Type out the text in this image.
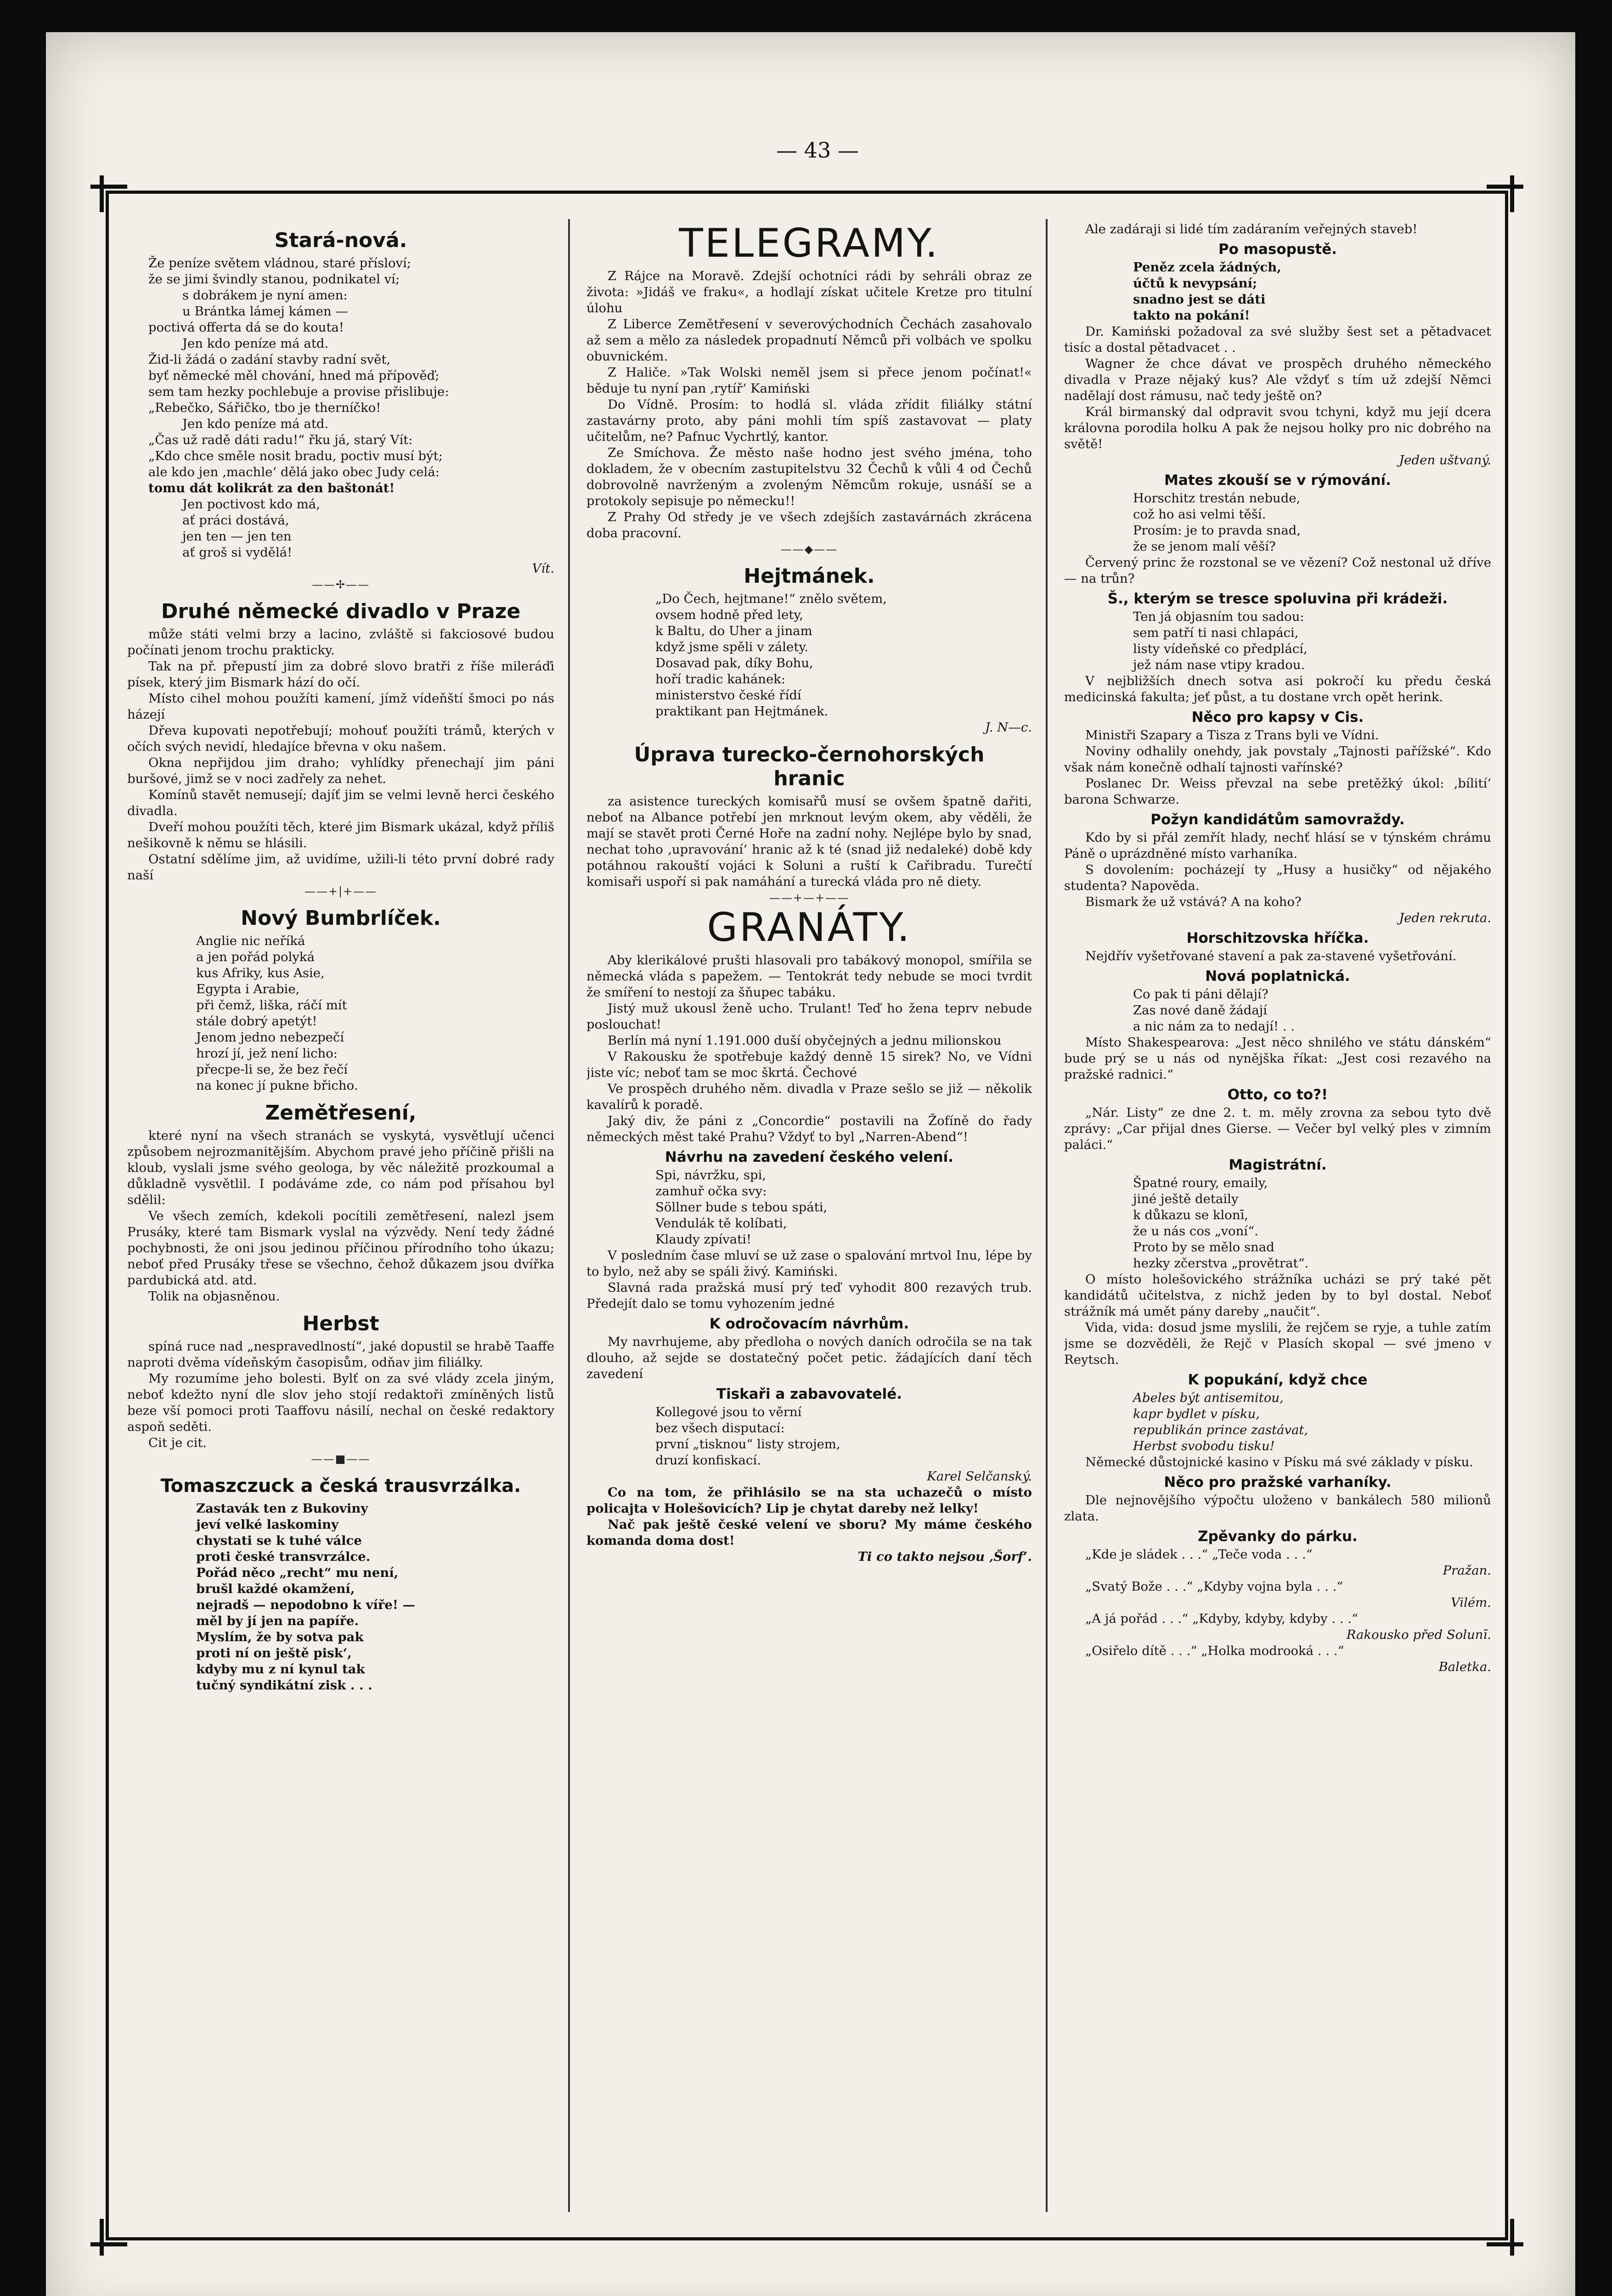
— 43 —
Stará-nová.

Že peníze světem vládnou, staré přísloví;

že se jimi švindly stanou, podnikatel ví;

s dobrákem je nyní amen:

u Brántka lámej kámen —

poctivá offerta dá se do kouta!

Jen kdo peníze má atd.

Žid-li žádá o zadání stavby radní svět,

byť německé měl chování, hned má přípověď;

sem tam hezky pochlebuje a provise přislibuje:

„Rebečko, Sářičko, tbo je therníčko!

Jen kdo peníze má atd.

„Čas už radě dáti radu!“ řku já, starý Vít:

„Kdo chce směle nosit bradu, poctiv musí být;

ale kdo jen ‚machle‘ dělá jako obec Judy celá:

tomu dát kolikrát za den baštonát!

Jen poctivost kdo má,

ať práci dostává,

jen ten — jen ten

ať groš si vydělá!

Vít.

——✢——
Druhé německé divadlo v Praze

může státi velmi brzy a lacino, zvláště si fakciosové budou počínati jenom trochu prakticky.

Tak na př. přepustí jim za dobré slovo bratři z říše mileráďi písek, který jim Bismark hází do očí.

Místo cihel mohou použíti kamení, jímž vídeňští šmoci po nás házejí

Dřeva kupovati nepotřebují; mohouť použíti trámů, kterých v očích svých nevidí, hledajíce břevna v oku našem.

Okna nepřijdou jim draho; vyhlídky přenechají jim páni buršové, jimž se v noci zadřely za nehet.

Komínů stavět nemusejí; dajíť jim se velmi levně herci českého divadla.

Dveří mohou použíti těch, které jim Bismark ukázal, když příliš nešikovně k němu se hlásili.

Ostatní sdělíme jim, až uvidíme, užili-li této první dobré rady naší

——+|+——
Nový Bumbrlíček.

Anglie nic neříká

a jen pořád polyká

kus Afriky, kus Asie,

Egypta i Arabie,

při čemž, liška, ráčí mít

stále dobrý apetýt!

Jenom jedno nebezpečí

hrozí jí, jež není licho:

přecpe-li se, že bez řečí

na konec jí pukne břicho.

Zemětřesení,

které nyní na všech stranách se vyskytá, vysvětlují učenci způsobem nejrozmanitějším. Abychom pravé jeho příčině přišli na kloub, vyslali jsme svého geologa, by věc náležitě prozkoumal a důkladně vysvětlil. I podáváme zde, co nám pod přísahou byl sdělil:

Ve všech zemích, kdekoli pocítili zemětřesení, nalezl jsem Prusáky, které tam Bismark vyslal na výzvědy. Není tedy žádné pochybnosti, že oni jsou jedinou příčinou přírodního toho úkazu; neboť před Prusáky třese se všechno, čehož důkazem jsou dvířka pardubická atd. atd.

Tolik na objasněnou.

Herbst

spíná ruce nad „nespravedlností“, jaké dopustil se hrabě Taaffe naproti dvěma vídeňským časopisům, odňav jim filiálky.

My rozumíme jeho bolesti. Bylť on za své vlády zcela jiným, neboť kdežto nyní dle slov jeho stojí redaktoři zmíněných listů beze vší pomoci proti Taaffovu násilí, nechal on české redaktory aspoň seděti.

Cit je cit.

——■——
Tomaszczuck a česká trausvrzálka.

Zastavák ten z Bukoviny

jeví velké laskominy

chystati se k tuhé válce

proti české transvrzálce.

Pořád něco „recht“ mu není,

brušl každé okamžení,

nejradš — nepodobno k víře! —

měl by jí jen na papíře.

Myslím, že by sotva pak

proti ní on ještě pisk‘,

kdyby mu z ní kynul tak

tučný syndikátní zisk . . .

TELEGRAMY.

Z Rájce na Moravě. Zdejší ochotníci rádi by sehráli obraz ze života: »Jidáš ve fraku«, a hodlají získat učitele Kretze pro titulní úlohu

Z Liberce Zemětřesení v severovýchodních Čechách zasahovalo až sem a mělo za následek propadnutí Němců při volbách ve spolku obuvnickém.

Z Haliče. »Tak Wolski neměl jsem si přece jenom počínat!« běduje tu nyní pan ‚rytíř‘ Kamiński

Do Vídně. Prosím: to hodlá sl. vláda zřídit filiálky státní zastavárny proto, aby páni mohli tím spíš zastavovat — platy učitelům, ne? Pafnuc Vychrtlý, kantor.

Ze Smíchova. Že město naše hodno jest svého jména, toho dokladem, že v obecním zastupitelstvu 32 Čechů k vůli 4 od Čechů dobrovolně navrženým a zvoleným Němcům rokuje, usnáší se a protokoly sepisuje po německu!!

Z Prahy Od středy je ve všech zdejších zastavárnách zkrácena doba pracovní.

——◆——
Hejtmánek.

„Do Čech, hejtmane!“ znělo světem,

ovsem hodně před lety,

k Baltu, do Uher a jinam

když jsme spěli v zálety.

Dosavad pak, díky Bohu,

hoří tradic kahánek:

ministerstvo české řídí

praktikant pan Hejtmánek.

J. N—c.

Úprava turecko-černohorských
hranic

za asistence tureckých komisařů musí se ovšem špatně dařiti, neboť na Albance potřebí jen mrknout levým okem, aby věděli, že mají se stavět proti Černé Hoře na zadní nohy. Nejlépe bylo by snad, nechat toho ‚upravování‘ hranic až k té (snad již nedaleké) době kdy potáhnou rakouští vojáci k Soluni a ruští k Cařibradu. Turečtí komisaři uspoří si pak namáhání a turecká vláda pro ně diety.

——+—+——
GRANÁTY.

Aby klerikálové prušti hlasovali pro tabákový monopol, smířila se německá vláda s papežem. — Tentokrát tedy nebude se moci tvrdit že smíření to nestojí za šňupec tabáku.

Jistý muž ukousl ženě ucho. Trulant! Teď ho žena teprv nebude poslouchat!

Berlín má nyní 1.191.000 duší obyčejných a jednu milionskou

V Rakousku že spotřebuje každý denně 15 sirek? No, ve Vídni jiste víc; neboť tam se moc škrtá. Čechové

Ve prospěch druhého něm. divadla v Praze sešlo se již — několik kavalírů k poradě.

Jaký div, že páni z „Concordie“ postavili na Žofíně do řady německých měst také Prahu? Vždyť to byl „Narren-Abend“!

Návrhu na zavedení českého velení.

Spi, návržku, spi,

zamhuř očka svy:

Söllner bude s tebou spáti,

Vendulák tě kolíbati,

Klaudy zpívati!

V posledním čase mluví se už zase o spalování mrtvol Inu, lépe by to bylo, než aby se spáli živý. Kamiński.

Slavná rada pražská musí prý teď vyhodit 800 rezavých trub. Předejít dalo se tomu vyhozením jedné

K odročovacím návrhům.

My navrhujeme, aby předloha o nových daních odročila se na tak dlouho, až sejde se dostatečný počet petic. žádajících daní těch zavedení

Tiskaři a zabavovatelé.

Kollegové jsou to věrní

bez všech disputací:

první „tisknou“ listy strojem,

druzí konfiskací.

Karel Selčanský.

Co na tom, že přihlásilo se na sta uchazečů o místo policajta v Holešovicích? Lip je chytat dareby než lelky!

Nač pak ještě české velení ve sboru? My máme českého komanda doma dost!

Ti co takto nejsou ‚Šorf‘.

Ale zadáraji si lidé tím zadáraním veřejných staveb!

Po masopustě.

Peněz zcela žádných,

účtů k nevypsání;

snadno jest se dáti

takto na pokání!

Dr. Kamiński požadoval za své služby šest set a pětadvacet tisíc a dostal pětadvacet . .

Wagner že chce dávat ve prospěch druhého německého divadla v Praze nějaký kus? Ale vždyť s tím už zdejší Němci nadělají dost rámusu, nač tedy ještě on?

Král birmanský dal odpravit svou tchyni, když mu její dcera královna porodila holku A pak že nejsou holky pro nic dobrého na světě!

Jeden uštvaný.

Mates zkouší se v rýmování.

Horschitz trestán nebude,

což ho asi velmi těší.

Prosím: je to pravda snad,

že se jenom malí věší?

Červený princ že rozstonal se ve vězení? Což nestonal už dříve — na trůn?

Š., kterým se tresce spoluvina při krádeži.

Ten já objasním tou sadou:

sem patří ti nasi chlapáci,

listy vídeňské co předplácí,

jež nám nase vtipy kradou.

V nejbližších dnech sotva asi pokročí ku předu česká medicinská fakulta; jeť půst, a tu dostane vrch opět herink.

Něco pro kapsy v Cis.

Ministři Szapary a Tisza z Trans byli ve Vídni.

Noviny odhalily onehdy, jak povstaly „Tajnosti pařížské“. Kdo však nám konečně odhalí tajnosti vařínské?

Poslanec Dr. Weiss převzal na sebe pretěžký úkol: ‚bílití‘ barona Schwarze.

Požyn kandidátům samovraždy.

Kdo by si přál zemřít hlady, nechť hlásí se v týnském chrámu Páně o uprázdněné místo varhaníka.

S dovolením: pocházejí ty „Husy a husičky“ od nějakého studenta? Napověda.

Bismark že už vstává? A na koho?

Jeden rekruta.

Horschitzovska hříčka.

Nejdřív vyšetřované stavení a pak za-stavené vyšetřování.

Nová poplatnická.

Co pak ti páni dělají?

Zas nové daně žádají

a nic nám za to nedají! . .

Místo Shakespearova: „Jest něco shnilého ve státu dánském“ bude prý se u nás od nynějška říkat: „Jest cosi rezavého na pražské radnici.“

Otto, co to?!

„Nár. Listy“ ze dne 2. t. m. měly zrovna za sebou tyto dvě zprávy: „Car přijal dnes Gierse. — Večer byl velký ples v zimním paláci.“

Magistrátní.

Špatné roury, emaily,

jiné ještě detaily

k důkazu se klonī,

že u nás cos „voní“.

Proto by se mělo snad

hezky zčerstva „provětrat“.

O místo holešovického strážníka ucházi se prý také pět kandidátů učitelstva, z nichž jeden by to byl dostal. Neboť strážník má umět pány dareby „naučit“.

Vida, vida: dosud jsme myslili, že rejčem se ryje, a tuhle zatím jsme se dozvěděli, že Rejč v Plasích skopal — své jmeno v Reytsch.

K popukání, když chce

Abeles být antisemitou,

kapr bydlet v písku,

republikán prince zastávat,

Herbst svobodu tisku!

Německé důstojnické kasino v Písku má své základy v písku.

Něco pro pražské varhaníky.

Dle nejnovějšího výpočtu uloženo v bankálech 580 milionů zlata.

Zpěvanky do párku.

„Kde je sládek . . .“ „Teče voda . . .“

Pražan.

„Svatý Bože . . .“ „Kdyby vojna byla . . .“

Vilém.

„A já pořád . . .“ „Kdyby, kdyby, kdyby . . .“

Rakousko před Solunī.

„Osiřelo dítě . . .“ „Holka modrooká . . .“

Baletka.
